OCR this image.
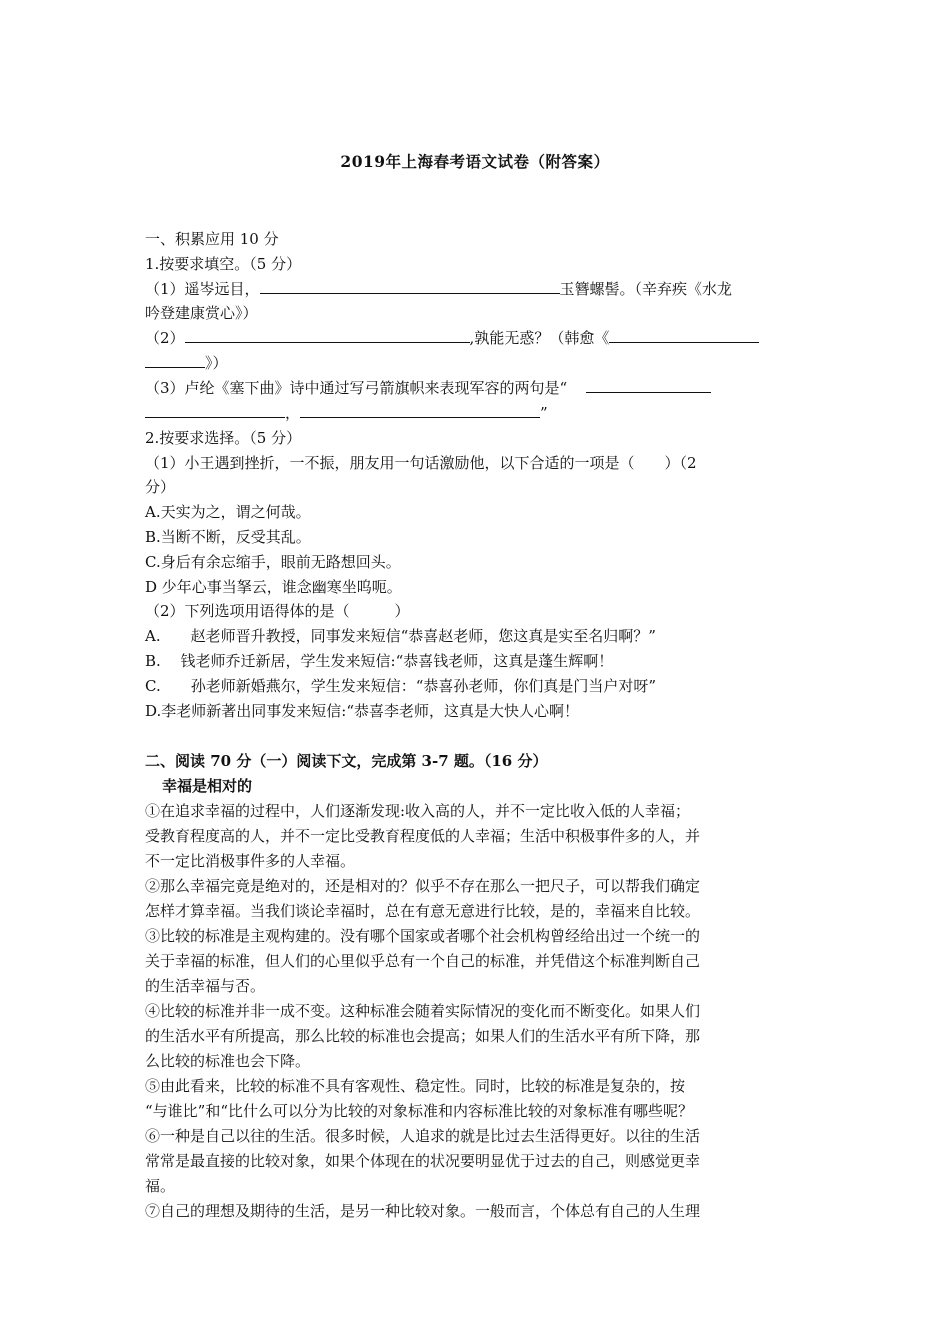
2019年上海春考语文试卷（附答案）
一、积累应用 10 分
1.按要求填空。（5 分）
（1）遥岑远目，	玉簪螺髻。（辛弃疾《水龙
吟登建康赏心》）
（2）	,孰能无惑？（韩愈《
》）
（3）卢纶《塞下曲》诗中通过写弓箭旗帜来表现军容的两句是“
，	”
2.按要求选择。（5 分）
（1）小王遇到挫折，一不振，朋友用一句话激励他，以下合适的一项是（　　）（2
分）
A.天实为之，谓之何哉。
B.当断不断，反受其乱。
C.身后有余忘缩手，眼前无路想回头。
D 少年心事当拏云，谁念幽寒坐呜呃。
（2）下列选项用语得体的是（　　　）
A.　　赵老师晋升教授，同事发来短信“恭喜赵老师，您这真是实至名归啊？”
B.　 钱老师乔迁新居，学生发来短信:“恭喜钱老师，这真是蓬生辉啊！
C.　　孙老师新婚燕尔，学生发来短信：“恭喜孙老师，你们真是门当户对呀”
D.李老师新著出同事发来短信:“恭喜李老师，这真是大快人心啊！
二、阅读 70 分（一）阅读下文，完成第 3-7 题。（16 分）
幸福是相对的
①在追求幸福的过程中，人们逐渐发现:收入高的人，并不一定比收入低的人幸福；
受教育程度高的人，并不一定比受教育程度低的人幸福；生活中积极事件多的人，并
不一定比消极事件多的人幸福。
②那么幸福完竟是绝对的，还是相对的？似乎不存在那么一把尺子，可以帮我们确定
怎样才算幸福。当我们谈论幸福时，总在有意无意进行比较，是的，幸福来自比较。
③比较的标准是主观构建的。没有哪个国家或者哪个社会机构曾经给出过一个统一的
关于幸福的标准，但人们的心里似乎总有一个自己的标准，并凭借这个标准判断自己
的生活幸福与否。
④比较的标准并非一成不变。这种标准会随着实际情况的变化而不断变化。如果人们
的生活水平有所提高，那么比较的标准也会提高；如果人们的生活水平有所下降，那
么比较的标准也会下降。
⑤由此看来，比较的标准不具有客观性、稳定性。同时，比较的标准是复杂的，按
“与谁比”和“比什么可以分为比较的对象标准和内容标准比较的对象标准有哪些呢？
⑥一种是自己以往的生活。很多时候，人追求的就是比过去生活得更好。以往的生活
常常是最直接的比较对象，如果个体现在的状况要明显优于过去的自己，则感觉更幸
福。
⑦自己的理想及期待的生活，是另一种比较对象。一般而言，个体总有自己的人生理
